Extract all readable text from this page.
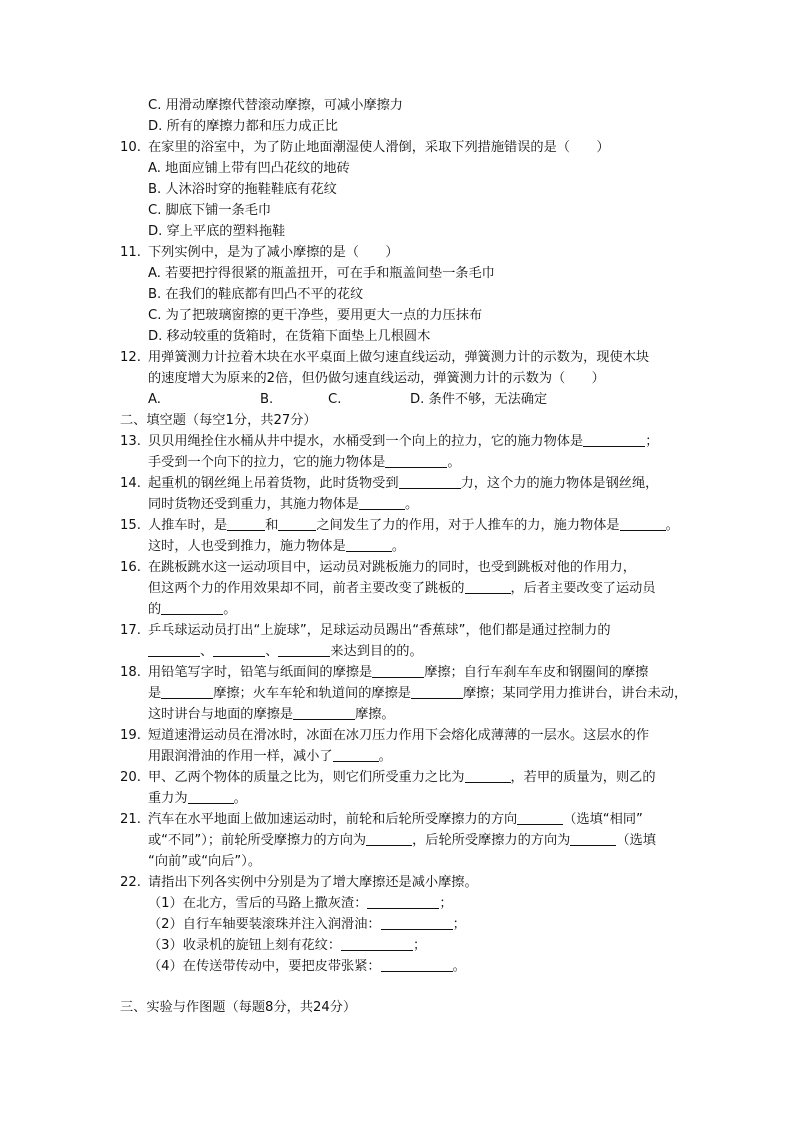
C. 用滑动摩擦代替滚动摩擦，可减小摩擦力
D. 所有的摩擦力都和压力成正比
10. 在家里的浴室中，为了防止地面潮湿使人滑倒，采取下列措施错误的是（　　）
A. 地面应铺上带有凹凸花纹的地砖
B. 人沐浴时穿的拖鞋鞋底有花纹
C. 脚底下铺一条毛巾
D. 穿上平底的塑料拖鞋
11. 下列实例中，是为了减小摩擦的是（　　）
A. 若要把拧得很紧的瓶盖扭开，可在手和瓶盖间垫一条毛巾
B. 在我们的鞋底都有凹凸不平的花纹
C. 为了把玻璃窗擦的更干净些，要用更大一点的力压抹布
D. 移动较重的货箱时，在货箱下面垫上几根圆木
12. 用弹簧测力计拉着木块在水平桌面上做匀速直线运动，弹簧测力计的示数为，现使木块
的速度增大为原来的2倍，但仍做匀速直线运动，弹簧测力计的示数为（　　）
A.	B.	C.	D. 条件不够，无法确定
二、填空题（每空1分，共27分）
13. 贝贝用绳拴住水桶从井中提水，水桶受到一个向上的拉力，它的施力物体是	；
手受到一个向下的拉力，它的施力物体是	。
14. 起重机的钢丝绳上吊着货物，此时货物受到	力，这个力的施力物体是钢丝绳，
同时货物还受到重力，其施力物体是	。
15. 人推车时，是	和	之间发生了力的作用，对于人推车的力，施力物体是	。
这时，人也受到推力，施力物体是	。
16. 在跳板跳水这一运动项目中，运动员对跳板施力的同时，也受到跳板对他的作用力，
但这两个力的作用效果却不同，前者主要改变了跳板的	，后者主要改变了运动员
的	。
17. 乒乓球运动员打出“上旋球”，足球运动员踢出“香蕉球”，他们都是通过控制力的
、	、	来达到目的的。
18. 用铅笔写字时，铅笔与纸面间的摩擦是	摩擦；自行车刹车车皮和钢圈间的摩擦
是	摩擦；火车车轮和轨道间的摩擦是	摩擦；某同学用力推讲台，讲台未动，
这时讲台与地面的摩擦是	摩擦。
19. 短道速滑运动员在滑冰时，冰面在冰刀压力作用下会熔化成薄薄的一层水。这层水的作
用跟润滑油的作用一样，减小了	。
20. 甲、乙两个物体的质量之比为，则它们所受重力之比为	，若甲的质量为，则乙的
重力为	。
21. 汽车在水平地面上做加速运动时，前轮和后轮所受摩擦力的方向	（选填“相同”
或“不同”）；前轮所受摩擦力的方向为	，后轮所受摩擦力的方向为	（选填
“向前”或“向后”）。
22. 请指出下列各实例中分别是为了增大摩擦还是减小摩擦。
（1）在北方，雪后的马路上撒灰渣：	；
（2）自行车轴要装滚珠并注入润滑油：	；
（3）收录机的旋钮上刻有花纹：	；
（4）在传送带传动中，要把皮带张紧：	。
三、实验与作图题（每题8分，共24分）
